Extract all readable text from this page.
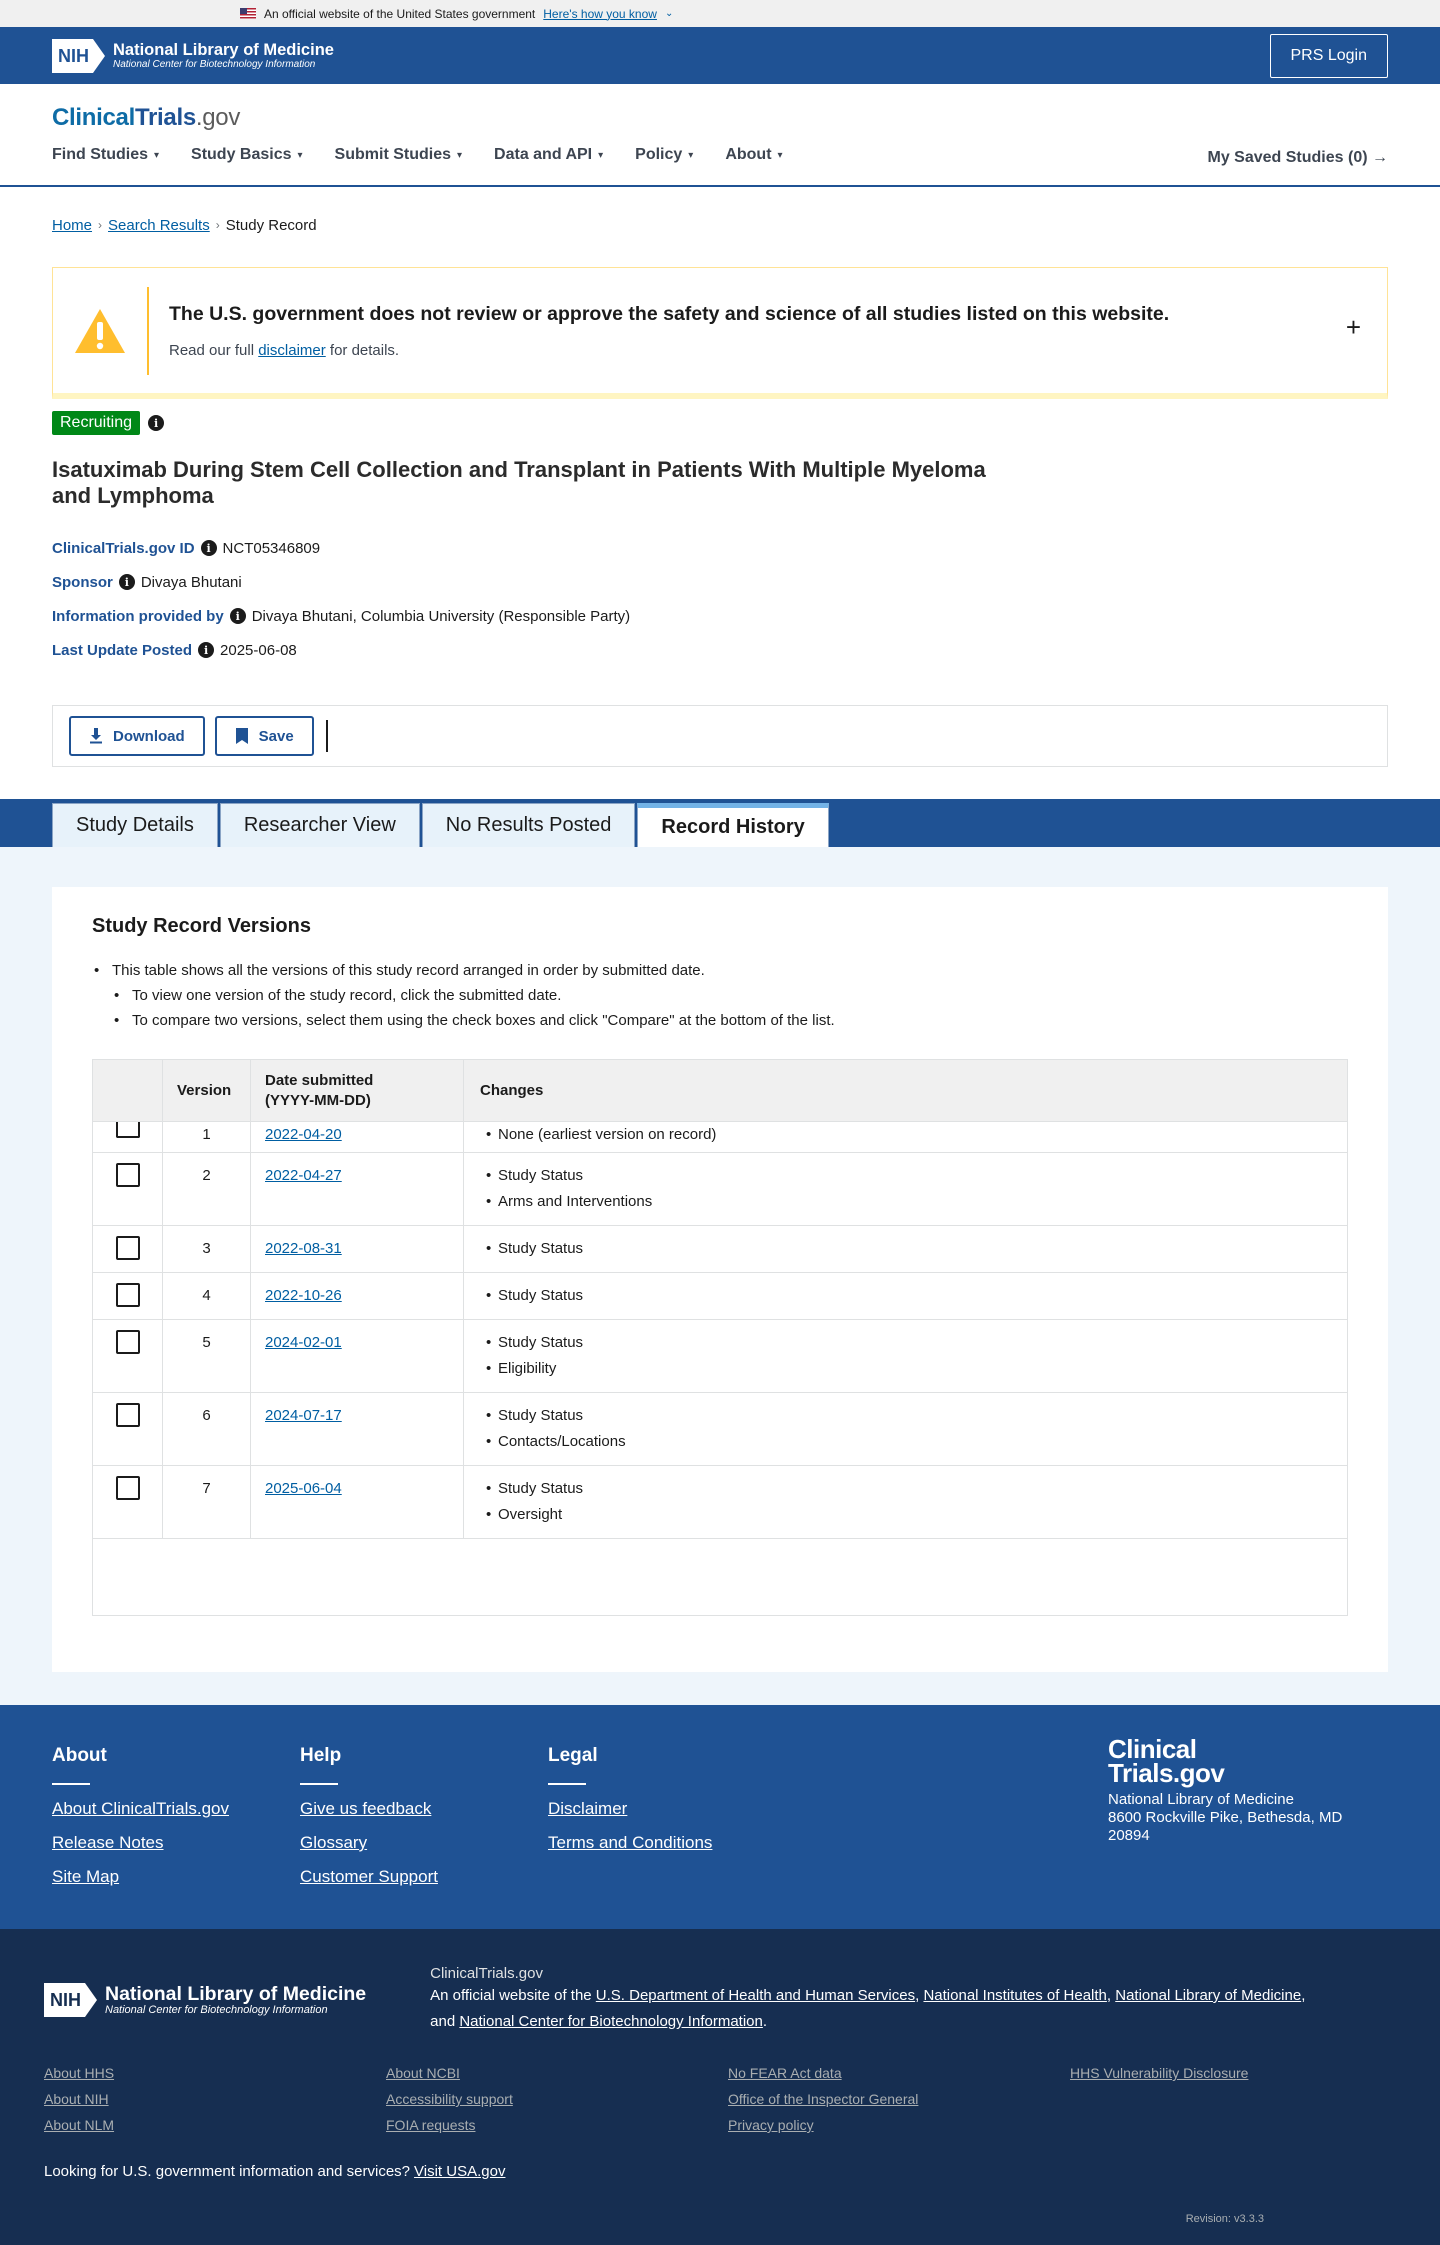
An official website of the United States government Here's how you know ⌄
NIH National Library of Medicine
National Center for Biotechnology Information
PRS Login
ClinicalTrials.gov
Find Studies ▾ Study Basics ▾ Submit Studies ▾ Data and API ▾ Policy ▾ About ▾	My Saved Studies (0) →
Home › Search Results › Study Record
The U.S. government does not review or approve the safety and science of all studies listed on this website.
Read our full disclaimer for details.
+
Recruiting	i
Isatuximab During Stem Cell Collection and Transplant in Patients With Multiple Myeloma and Lymphoma
ClinicalTrials.gov ID	i NCT05346809
Sponsor	i Divaya Bhutani
Information provided by	i Divaya Bhutani, Columbia University (Responsible Party)
Last Update Posted	i 2025-06-08
Download	Save
Study Details	Researcher View	No Results Posted	Record History
Study Record Versions
• This table shows all the versions of this study record arranged in order by submitted date.
• To view one version of the study record, click the submitted date.
• To compare two versions, select them using the check boxes and click "Compare" at the bottom of the list.
Version
Date submitted
(YYYY-MM-DD)
Changes
1	2022-04-20	• None (earliest version on record)
2	2022-04-27	• Study Status
• Arms and Interventions
3	2022-08-31	• Study Status
4	2022-10-26	• Study Status
5	2024-02-01	• Study Status
• Eligibility
6	2024-07-17	• Study Status
• Contacts/Locations
7	2025-06-04	• Study Status
• Oversight
About
About ClinicalTrials.gov
Release Notes
Site Map
Help
Give us feedback
Glossary
Customer Support
Legal
Disclaimer
Terms and Conditions
Clinical
Trials.gov
National Library of Medicine
8600 Rockville Pike, Bethesda, MD
20894
NIH National Library of Medicine
National Center for Biotechnology Information
ClinicalTrials.gov
An official website of the U.S. Department of Health and Human Services, National Institutes of Health, National Library of Medicine,
and National Center for Biotechnology Information.
About HHS	About NCBI	No FEAR Act data	HHS Vulnerability Disclosure
About NIH	Accessibility support	Office of the Inspector General
About NLM	FOIA requests	Privacy policy
Looking for U.S. government information and services? Visit USA.gov
Revision: v3.3.3
